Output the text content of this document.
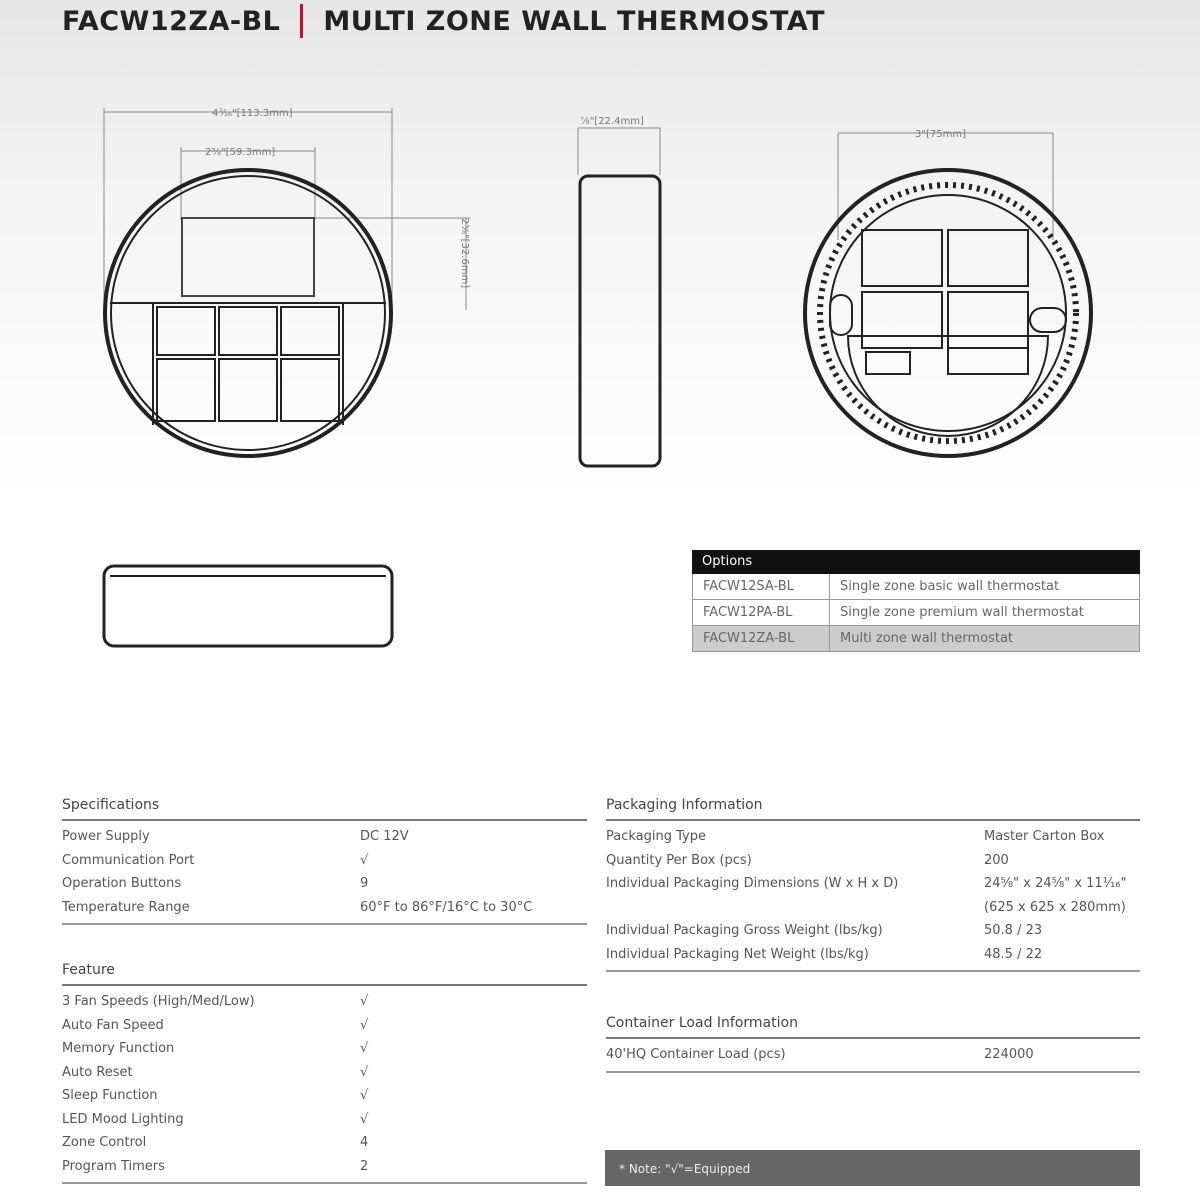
FACW12ZA-BL MULTI ZONE WALL THERMOSTAT
4⁷⁄₁₆"[113.3mm]
2⅜"[59.3mm]
2⅝"[32.6mm]
⅞"[22.4mm]
3"[75mm]
Options
FACW12SA-BL	Single zone basic wall thermostat
FACW12PA-BL	Single zone premium wall thermostat
FACW12ZA-BL	Multi zone wall thermostat
Specifications
Power Supply	DC 12V
Communication Port	√
Operation Buttons	9
Temperature Range	60°F to 86°F/16°C to 30°C
Feature
3 Fan Speeds (High/Med/Low)	√
Auto Fan Speed	√
Memory Function	√
Auto Reset	√
Sleep Function	√
LED Mood Lighting	√
Zone Control	4
Program Timers	2
Packaging Information
Packaging Type	Master Carton Box
Quantity Per Box (pcs)	200
Individual Packaging Dimensions (W x H x D)	24⅝" x 24⅝" x 11¹⁄₁₆"
(625 x 625 x 280mm)
Individual Packaging Gross Weight (lbs/kg)	50.8 / 23
Individual Packaging Net Weight (lbs/kg)	48.5 / 22
Container Load Information
40'HQ Container Load (pcs)	224000
* Note: "√"=Equipped
